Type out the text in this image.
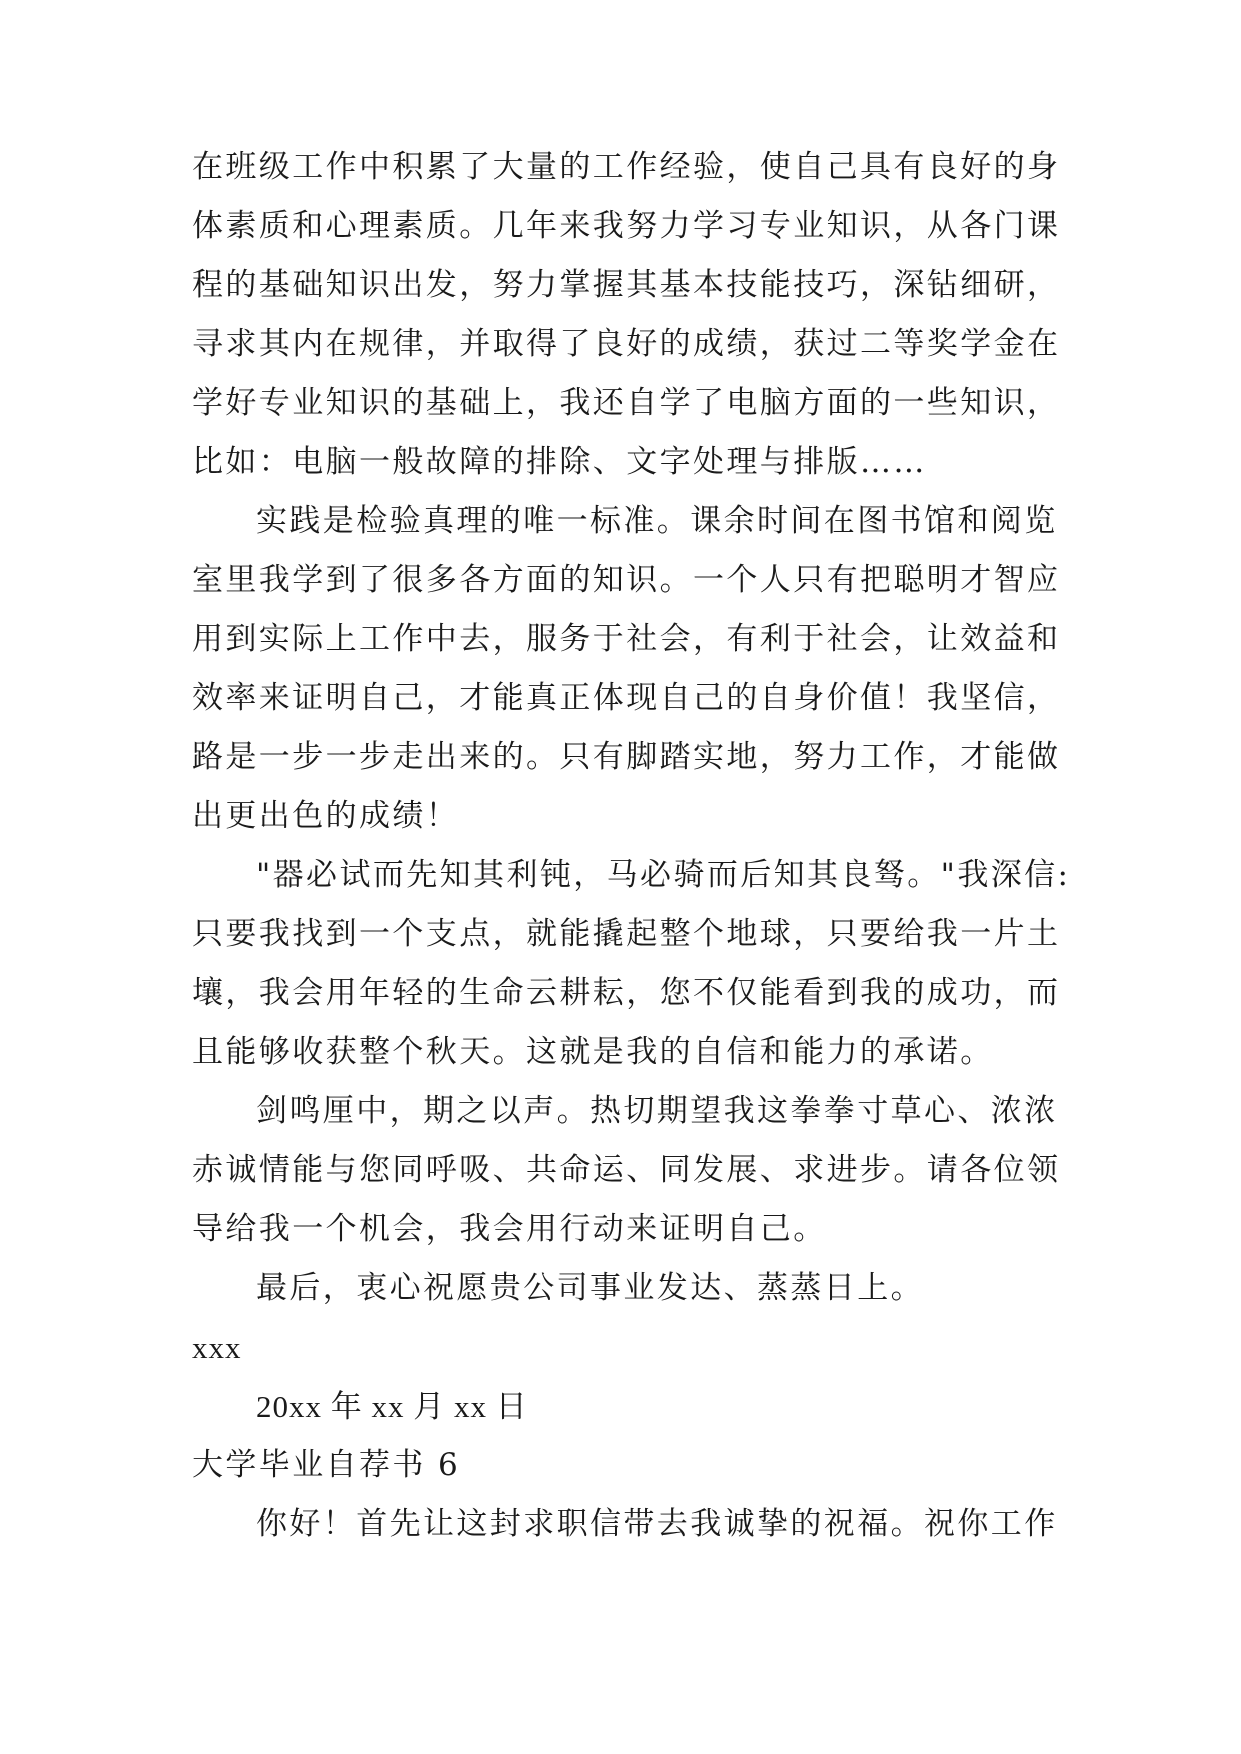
在班级工作中积累了大量的工作经验，使自己具有良好的身
体素质和心理素质。几年来我努力学习专业知识，从各门课
程的基础知识出发，努力掌握其基本技能技巧，深钻细研，
寻求其内在规律，并取得了良好的成绩，获过二等奖学金在
学好专业知识的基础上，我还自学了电脑方面的一些知识，
比如：电脑一般故障的排除、文字处理与排版……
实践是检验真理的唯一标准。课余时间在图书馆和阅览
室里我学到了很多各方面的知识。一个人只有把聪明才智应
用到实际上工作中去，服务于社会，有利于社会，让效益和
效率来证明自己，才能真正体现自己的自身价值！我坚信，
路是一步一步走出来的。只有脚踏实地，努力工作，才能做
出更出色的成绩！
"器必试而先知其利钝，马必骑而后知其良驽。"我深信:
只要我找到一个支点，就能撬起整个地球，只要给我一片土
壤，我会用年轻的生命云耕耘，您不仅能看到我的成功，而
且能够收获整个秋天。这就是我的自信和能力的承诺。
剑鸣厘中，期之以声。热切期望我这拳拳寸草心、浓浓
赤诚情能与您同呼吸、共命运、同发展、求进步。请各位领
导给我一个机会，我会用行动来证明自己。
最后，衷心祝愿贵公司事业发达、蒸蒸日上。
xxx
20xx 年 xx 月 xx 日
大学毕业自荐书 6
你好！首先让这封求职信带去我诚挚的祝福。祝你工作
